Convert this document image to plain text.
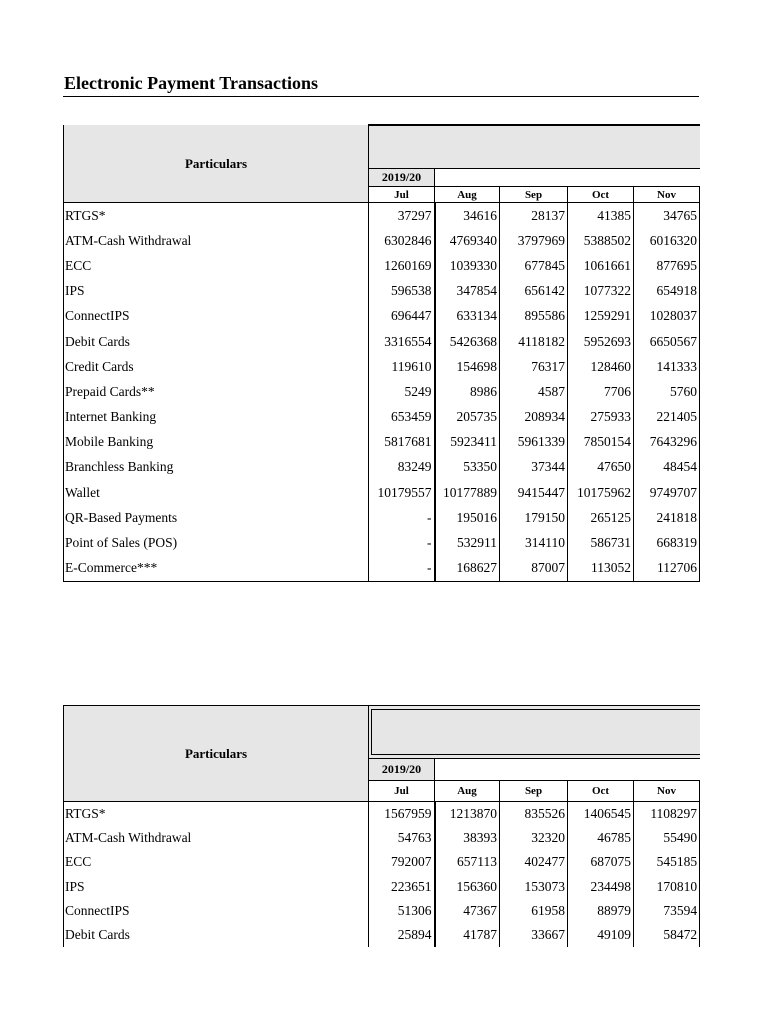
Electronic Payment Transactions
Particulars					
	2019/20				
	Jul	Aug	Sep	Oct	Nov
RTGS*	37297	34616	28137	41385	34765
ATM-Cash Withdrawal	6302846	4769340	3797969	5388502	6016320
ECC	1260169	1039330	677845	1061661	877695
IPS	596538	347854	656142	1077322	654918
ConnectIPS	696447	633134	895586	1259291	1028037
Debit Cards	3316554	5426368	4118182	5952693	6650567
Credit Cards	119610	154698	76317	128460	141333
Prepaid Cards**	5249	8986	4587	7706	5760
Internet Banking	653459	205735	208934	275933	221405
Mobile Banking	5817681	5923411	5961339	7850154	7643296
Branchless Banking	83249	53350	37344	47650	48454
Wallet	10179557	10177889	9415447	10175962	9749707
QR-Based Payments	-	195016	179150	265125	241818
Point of Sales (POS)	-	532911	314110	586731	668319
E-Commerce***	-	168627	87007	113052	112706
Particulars					

	2019/20				
	Jul	Aug	Sep	Oct	Nov
RTGS*	1567959	1213870	835526	1406545	1108297
ATM-Cash Withdrawal	54763	38393	32320	46785	55490
ECC	792007	657113	402477	687075	545185
IPS	223651	156360	153073	234498	170810
ConnectIPS	51306	47367	61958	88979	73594
Debit Cards	25894	41787	33667	49109	58472
